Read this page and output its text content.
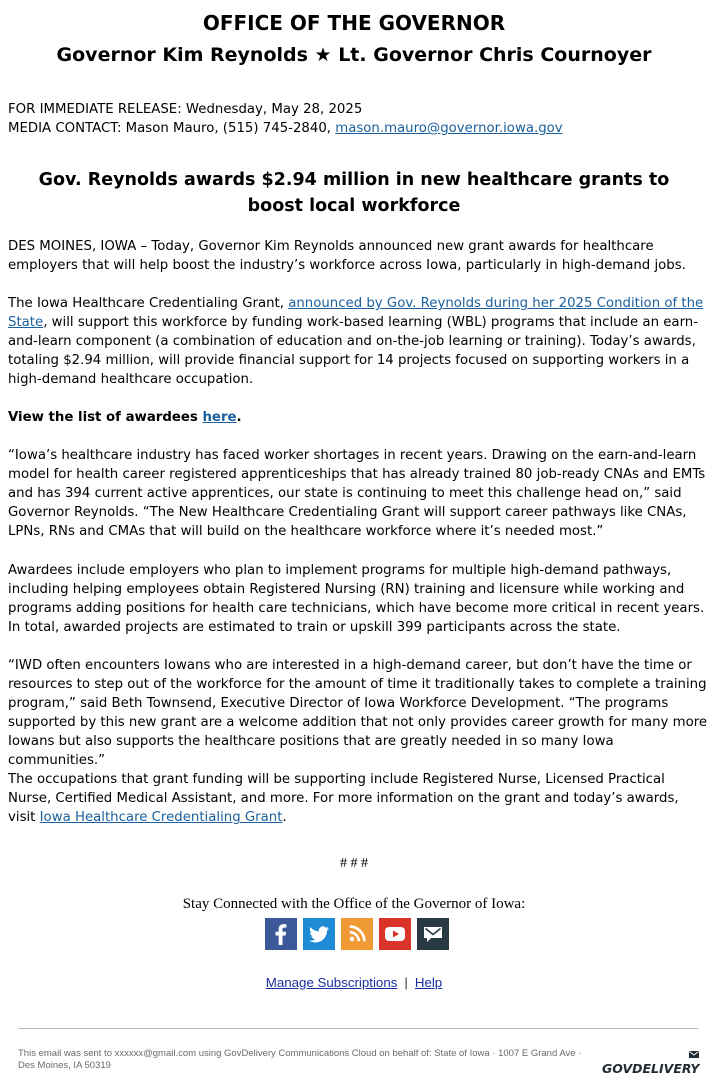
OFFICE OF THE GOVERNOR
Governor Kim Reynolds ★ Lt. Governor Chris Cournoyer
FOR IMMEDIATE RELEASE: Wednesday, May 28, 2025
MEDIA CONTACT: Mason Mauro, (515) 745-2840, mason.mauro@governor.iowa.gov
Gov. Reynolds awards $2.94 million in new healthcare grants to boost local workforce

DES MOINES, IOWA – Today, Governor Kim Reynolds announced new grant awards for healthcare employers that will help boost the industry’s workforce across Iowa, particularly in high-demand jobs.

The Iowa Healthcare Credentialing Grant, announced by Gov. Reynolds during her 2025 Condition of the State, will support this workforce by funding work-based learning (WBL) programs that include an earn-and-learn component (a combination of education and on-the-job learning or training). Today’s awards, totaling $2.94 million, will provide financial support for 14 projects focused on supporting workers in a high-demand healthcare occupation.

View the list of awardees here.

“Iowa’s healthcare industry has faced worker shortages in recent years. Drawing on the earn-and-learn model for health career registered apprenticeships that has already trained 80 job-ready CNAs and EMTs and has 394 current active apprentices, our state is continuing to meet this challenge head on,” said Governor Reynolds. “The New Healthcare Credentialing Grant will support career pathways like CNAs, LPNs, RNs and CMAs that will build on the healthcare workforce where it’s needed most.”

Awardees include employers who plan to implement programs for multiple high-demand pathways, including helping employees obtain Registered Nursing (RN) training and licensure while working and programs adding positions for health care technicians, which have become more critical in recent years. In total, awarded projects are estimated to train or upskill 399 participants across the state.

“IWD often encounters Iowans who are interested in a high-demand career, but don’t have the time or resources to step out of the workforce for the amount of time it traditionally takes to complete a training program,” said Beth Townsend, Executive Director of Iowa Workforce Development. “The programs supported by this new grant are a welcome addition that not only provides career growth for many more Iowans but also supports the healthcare positions that are greatly needed in so many Iowa communities.”

The occupations that grant funding will be supporting include Registered Nurse, Licensed Practical Nurse, Certified Medical Assistant, and more. For more information on the grant and today’s awards, visit Iowa Healthcare Credentialing Grant.

# # #
Stay Connected with the Office of the Governor of Iowa:
Manage Subscriptions | Help
This email was sent to xxxxxx@gmail.com using GovDelivery Communications Cloud on behalf of: State of Iowa · 1007 E Grand Ave · Des Moines, IA 50319	GOVDELIVERY
